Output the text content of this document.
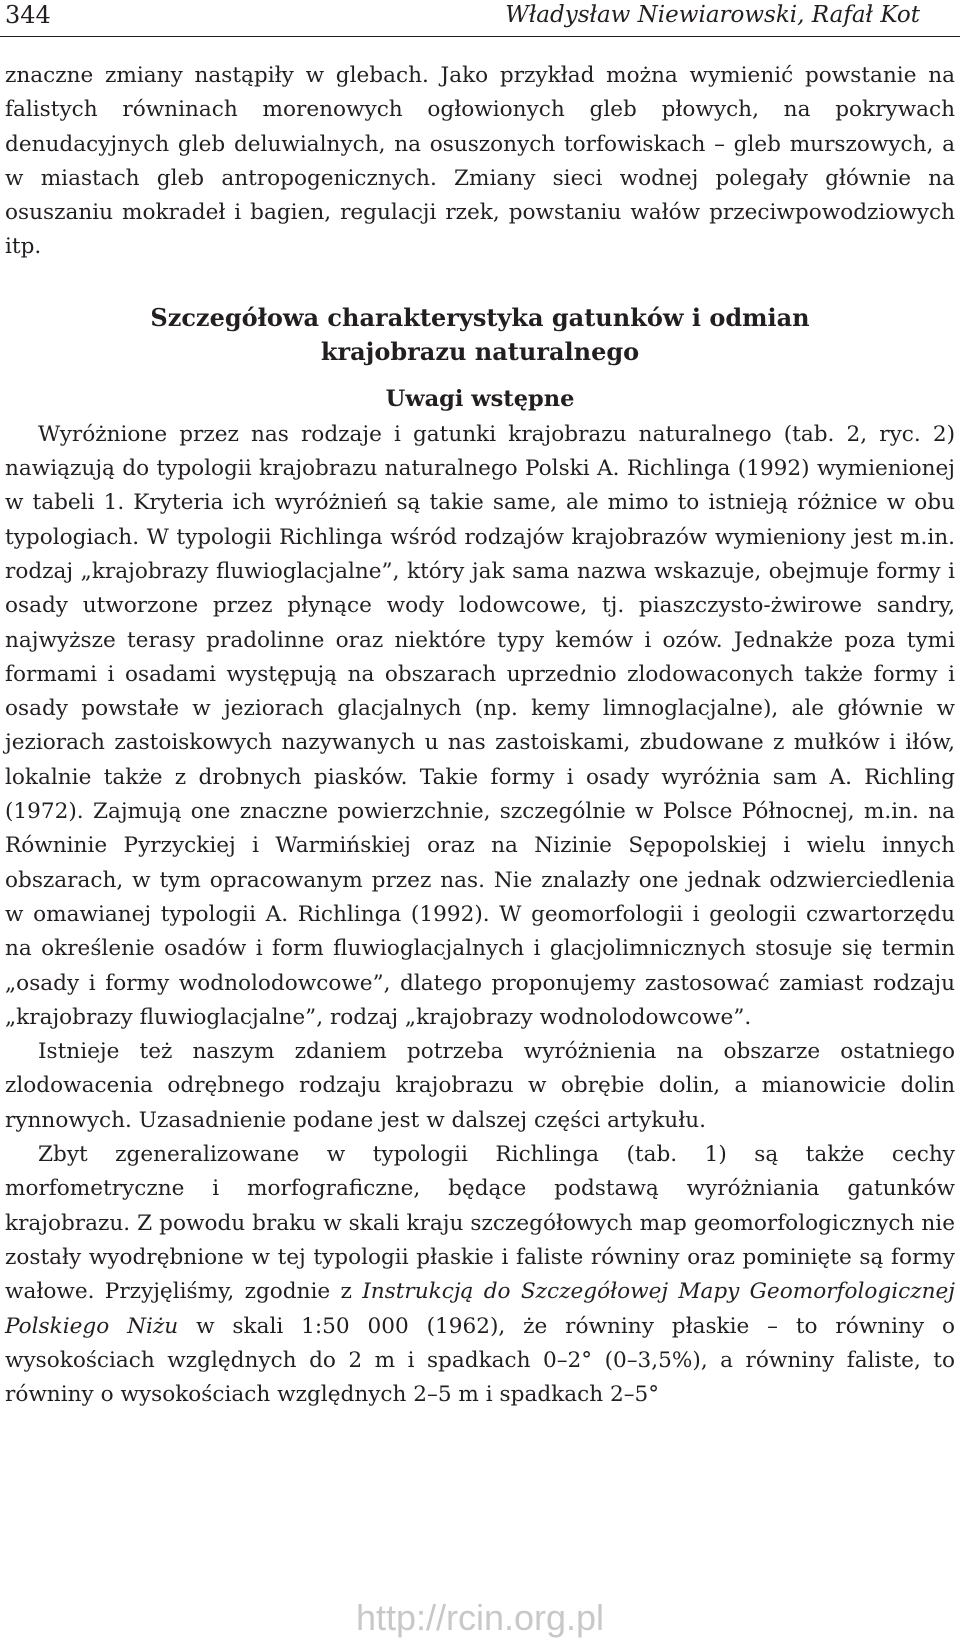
344	Władysław Niewiarowski, Rafał Kot

znaczne zmiany nastąpiły w glebach. Jako przykład można wymienić powstanie na falistych równinach morenowych ogłowionych gleb płowych, na pokrywach denudacyjnych gleb deluwialnych, na osuszonych torfowiskach – gleb murszowych, a w miastach gleb antropogenicznych. Zmiany sieci wodnej polegały głównie na osuszaniu mokradeł i bagien, regulacji rzek, powstaniu wałów przeciwpowodziowych itp.

Szczegółowa charakterystyka gatunków i odmian
krajobrazu naturalnego
Uwagi wstępne

Wyróżnione przez nas rodzaje i gatunki krajobrazu naturalnego (tab. 2, ryc. 2) nawiązują do typologii krajobrazu naturalnego Polski A. Richlinga (1992) wymienionej w tabeli 1. Kryteria ich wyróżnień są takie same, ale mimo to istnieją różnice w obu typologiach. W typologii Richlinga wśród rodzajów krajobrazów wymieniony jest m.in. rodzaj „krajobrazy fluwioglacjalne”, który jak sama nazwa wskazuje, obejmuje formy i osady utworzone przez płynące wody lodowcowe, tj. piaszczysto-żwirowe sandry, najwyższe terasy pradolinne oraz niektóre typy kemów i ozów. Jednakże poza tymi formami i osadami występują na obszarach uprzednio zlodowaconych także formy i osady powstałe w jeziorach glacjalnych (np. kemy limnoglacjalne), ale głównie w jeziorach zastoiskowych nazywanych u nas zastoiskami, zbudowane z mułków i iłów, lokalnie także z drobnych piasków. Takie formy i osady wyróżnia sam A. Richling (1972). Zajmują one znaczne powierzchnie, szczególnie w Polsce Północnej, m.in. na Równinie Pyrzyckiej i Warmińskiej oraz na Nizinie Sępopolskiej i wielu innych obszarach, w tym opracowanym przez nas. Nie znalazły one jednak odzwierciedlenia w omawianej typologii A. Richlinga (1992). W geomorfologii i geologii czwartorzędu na określenie osadów i form fluwioglacjalnych i glacjolimnicznych stosuje się termin „osady i formy wodnolodowcowe”, dlatego proponujemy zastosować zamiast rodzaju „krajobrazy fluwioglacjalne”, rodzaj „krajobrazy wodnolodowcowe”.

Istnieje też naszym zdaniem potrzeba wyróżnienia na obszarze ostatniego zlodowacenia odrębnego rodzaju krajobrazu w obrębie dolin, a mianowicie dolin rynnowych. Uzasadnienie podane jest w dalszej części artykułu.

Zbyt zgeneralizowane w typologii Richlinga (tab. 1) są także cechy morfometryczne i morfograficzne, będące podstawą wyróżniania gatunków krajobrazu. Z powodu braku w skali kraju szczegółowych map geomorfologicznych nie zostały wyodrębnione w tej typologii płaskie i faliste równiny oraz pominięte są formy wałowe. Przyjęliśmy, zgodnie z Instrukcją do Szczegółowej Mapy Geomorfologicznej Polskiego Niżu w skali 1:50 000 (1962), że równiny płaskie – to równiny o wysokościach względnych do 2 m i spadkach 0–2° (0–3,5%), a równiny faliste, to równiny o wysokościach względnych 2–5 m i spadkach 2–5°

http://rcin.org.pl
